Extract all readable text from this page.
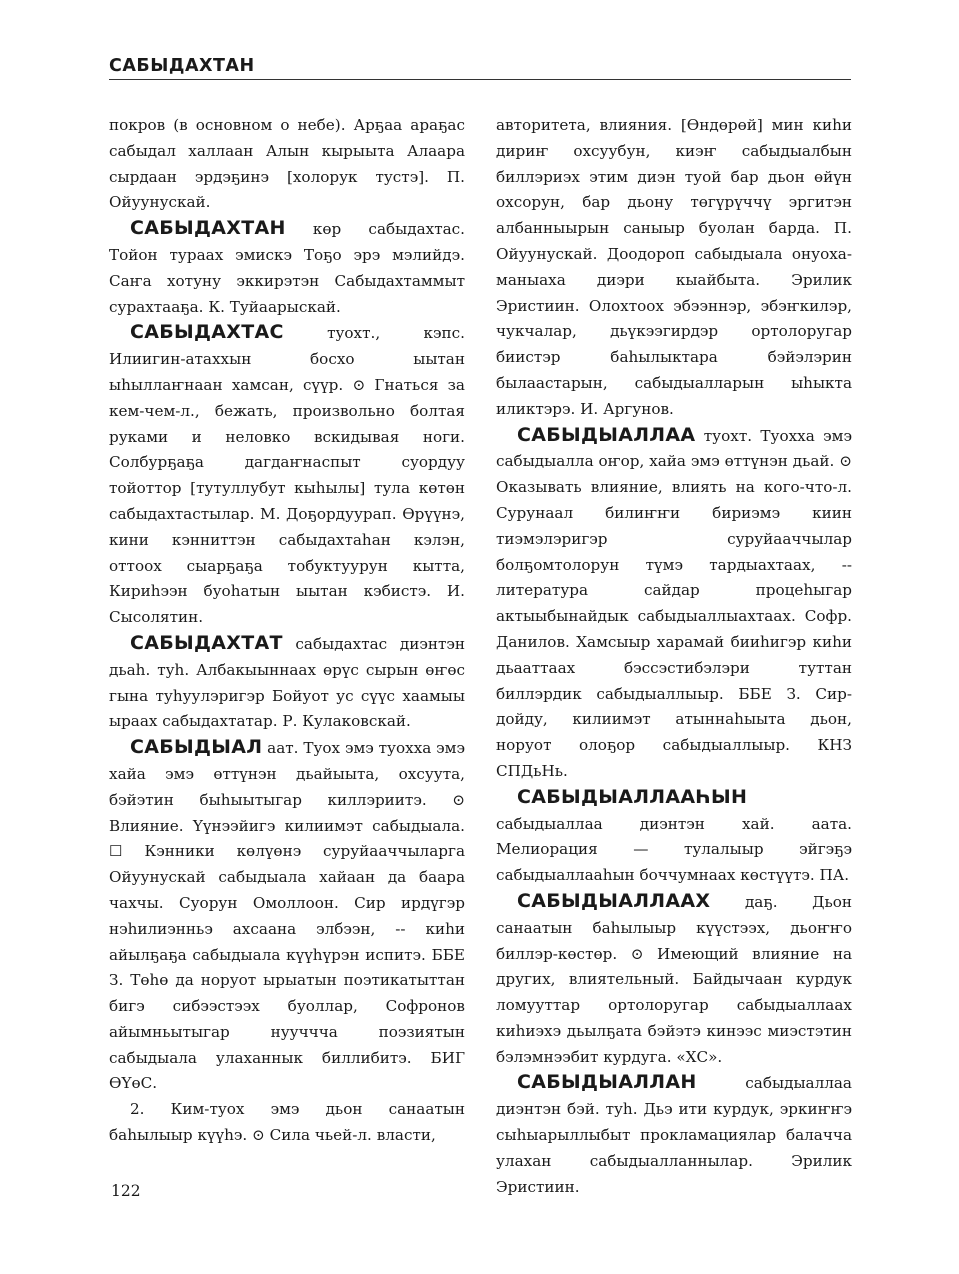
САБЫДАХТАН

покров (в основном о небе). Арҕаа араҕас сабыдал халлаан Алын кырыыта Алаара сырдаан эрдэҕинэ [холорук тустэ]. П. Ойуунускай.

САБЫДАХТАН көр сабыдахтас. Тойон тураах эмискэ Тоҕо эрэ мэлийдэ. Саҥа хотуну эккирэтэн Сабыдахтаммыт сурахтааҕа. К. Туйаарыскай.

САБЫДАХТАС туохт., кэпс. Илиигин-атаххын босхо ыытан ыһыллаҥнаан хамсан, сүүр. ⊙ Гнаться за кем-чем-л., бежать, произвольно болтая руками и неловко вскидывая ноги. Солбурҕаҕа дагдаҥнаспыт суордуу тойоттор [тутуллубут кыһылы] тула көтөн сабыдахтастылар. М. Доҕордуурап. Өрүүнэ, кини кэнниттэн сабыдахтаһан кэлэн, оттоох сыарҕаҕа тобуктуурун кытта, Кириһээн буоһатын ыытан кэбистэ. И. Сысолятин.

САБЫДАХТАТ сабыдахтас диэнтэн дьаһ. туһ. Албакыыннаах өрүс сырын өҥөс гына туһуулэригэр Бойуот ус сүүс хаамыы ыраах сабыдахтатар. Р. Кулаковскай.

САБЫДЫАЛ аат. Туох эмэ туохха эмэ хайа эмэ өттүнэн дьайыыта, охсуута, бэйэтин быһыытыгар киллэриитэ. ⊙ Влияние. Үүнээйигэ килиимэт сабыдыала. ☐ Кэнники көлүөнэ суруйааччыларга Ойуунускай сабыдыала хайаан да баара чахчы. Суорун Омоллоон. Сир ирдүгэр нэһилиэнньэ ахсаана элбээн, -- киһи айылҕаҕа сабыдыала күүһүрэн испитэ. ББЕ З. Төһө да норуот ырыатын поэтикатыттан бигэ сибээстээх буоллар, Софронов айымньытыгар нууччча поэзиятын сабыдыала улаханнык биллибитэ. БИГ ӨҮөС.

2. Ким-туох эмэ дьон санаатын баһылыыр күүһэ. ⊙ Сила чьей-л. власти,

авторитета, влияния. [Өндөрөй] мин киһи дириҥ охсуубун, киэҥ сабыдыалбын биллэриэх этим диэн туой бар дьон өйүн охсорун, бар дьону төгүрүччү эргитэн албанныырын саныыр буолан бардa. П. Ойуунускай. Доодороп сабыдыала онуоха-маныаха диэри кыайбыта. Эрилик Эристиин. Олохтоох эбээннэр, эбэҥкилэр, чукчалар, дьүкээгирдэр ортолоругар биистэр баһылыктара бэйэлэрин былаастарын, сабыдыалларын ыһыкта иликтэрэ. И. Аргунов.

САБЫДЫАЛЛАА туохт. Туохха эмэ сабыдыалла оҥор, хайа эмэ өттүнэн дьай. ⊙ Оказывать влияние, влиять на кого-что-л. Сурунаал билиҥҥи бириэмэ киин тиэмэлэригэр суруйааччылар болҕомтолорун түмэ тардыахтаах, -- литература сайдар процеһыгар актыыбынайдык сабыдыаллыахтаах. Софр. Данилов. Хамсыыр харамай бииһигэр киһи дьааттаах бэссэстибэлэри туттан биллэрдик сабыдыаллыыр. ББЕ З. Сир-дойду, килиимэт атыннаһыыта дьон, норуот олоҕор сабыдыаллыыр. КНЗ СПДьНь.

САБЫДЫАЛЛААҺЫН сабыдыаллаа диэнтэн хай. аата. Мелиорация — тулалыыр эйгэҕэ сабыдыаллааһын боччумнаах көстүүтэ. ПА.

САБЫДЫАЛЛААХ даҕ. Дьон санаатын баһылыыр күүстээх, дьоҥҥо биллэр-көстөр. ⊙ Имеющий влияние на других, влиятельный. Байдычаан курдук ломууттар ортолоругар сабыдыаллаах киһиэхэ дьылҕата бэйэтэ кинээс миэстэтин бэлэмнээбит курдуга. «ХС».

САБЫДЫАЛЛАН сабыдыаллаа диэнтэн бэй. туһ. Дьэ ити курдук, эркиҥҥэ сыһыарыллыбыт прокламациялар балачча улахан сабыдыалланнылар. Эрилик Эристиин.

122
